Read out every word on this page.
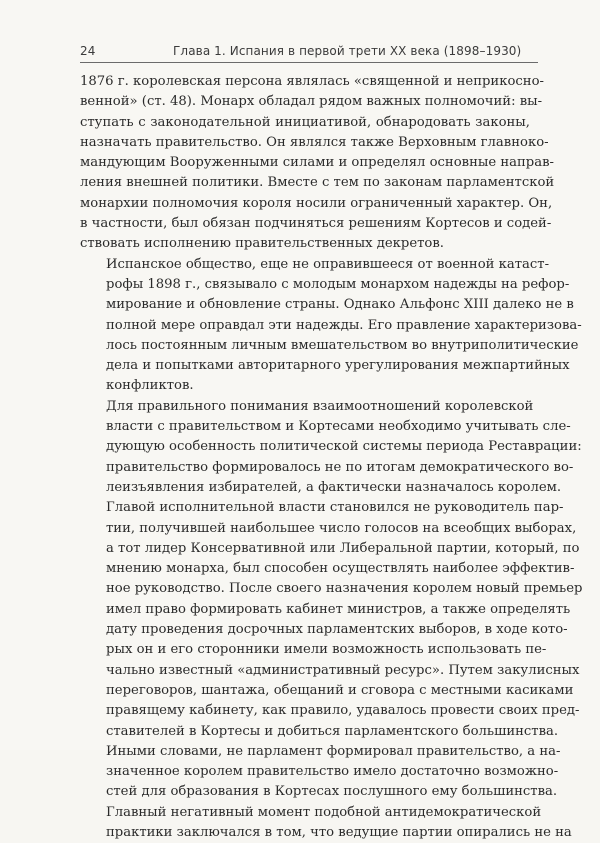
24	Глава 1. Испания в первой трети XX века (1898–1930)

1876 г. королевская персона являлась «священной и неприкосно-
венной» (ст. 48). Монарх обладал рядом важных полномочий: вы-
ступать с законодательной инициативой, обнародовать законы,
назначать правительство. Он являлся также Верховным главноко-
мандующим Вооруженными силами и определял основные направ-
ления внешней политики. Вместе с тем по законам парламентской
монархии полномочия короля носили ограниченный характер. Он,
в частности, был обязан подчиняться решениям Кортесов и содей-
ствовать исполнению правительственных декретов.

Испанское общество, еще не оправившееся от военной катаст-
рофы 1898 г., связывало с молодым монархом надежды на рефор-
мирование и обновление страны. Однако Альфонс XIII далеко не в
полной мере оправдал эти надежды. Его правление характеризова-
лось постоянным личным вмешательством во внутриполитические
дела и попытками авторитарного урегулирования межпартийных
конфликтов.

Для правильного понимания взаимоотношений королевской
власти с правительством и Кортесами необходимо учитывать сле-
дующую особенность политической системы периода Реставрации:
правительство формировалось не по итогам демократического во-
леизъявления избирателей, а фактически назначалось королем.
Главой исполнительной власти становился не руководитель пар-
тии, получившей наибольшее число голосов на всеобщих выборах,
а тот лидер Консервативной или Либеральной партии, который, по
мнению монарха, был способен осуществлять наиболее эффектив-
ное руководство. После своего назначения королем новый премьер
имел право формировать кабинет министров, а также определять
дату проведения досрочных парламентских выборов, в ходе кото-
рых он и его сторонники имели возможность использовать пе-
чально известный «административный ресурс». Путем закулисных
переговоров, шантажа, обещаний и сговора с местными касиками
правящему кабинету, как правило, удавалось провести своих пред-
ставителей в Кортесы и добиться парламентского большинства.
Иными словами, не парламент формировал правительство, а на-
значенное королем правительство имело достаточно возможно-
стей для образования в Кортесах послушного ему большинства.
Главный негативный момент подобной антидемократической
практики заключался в том, что ведущие партии опирались не на
